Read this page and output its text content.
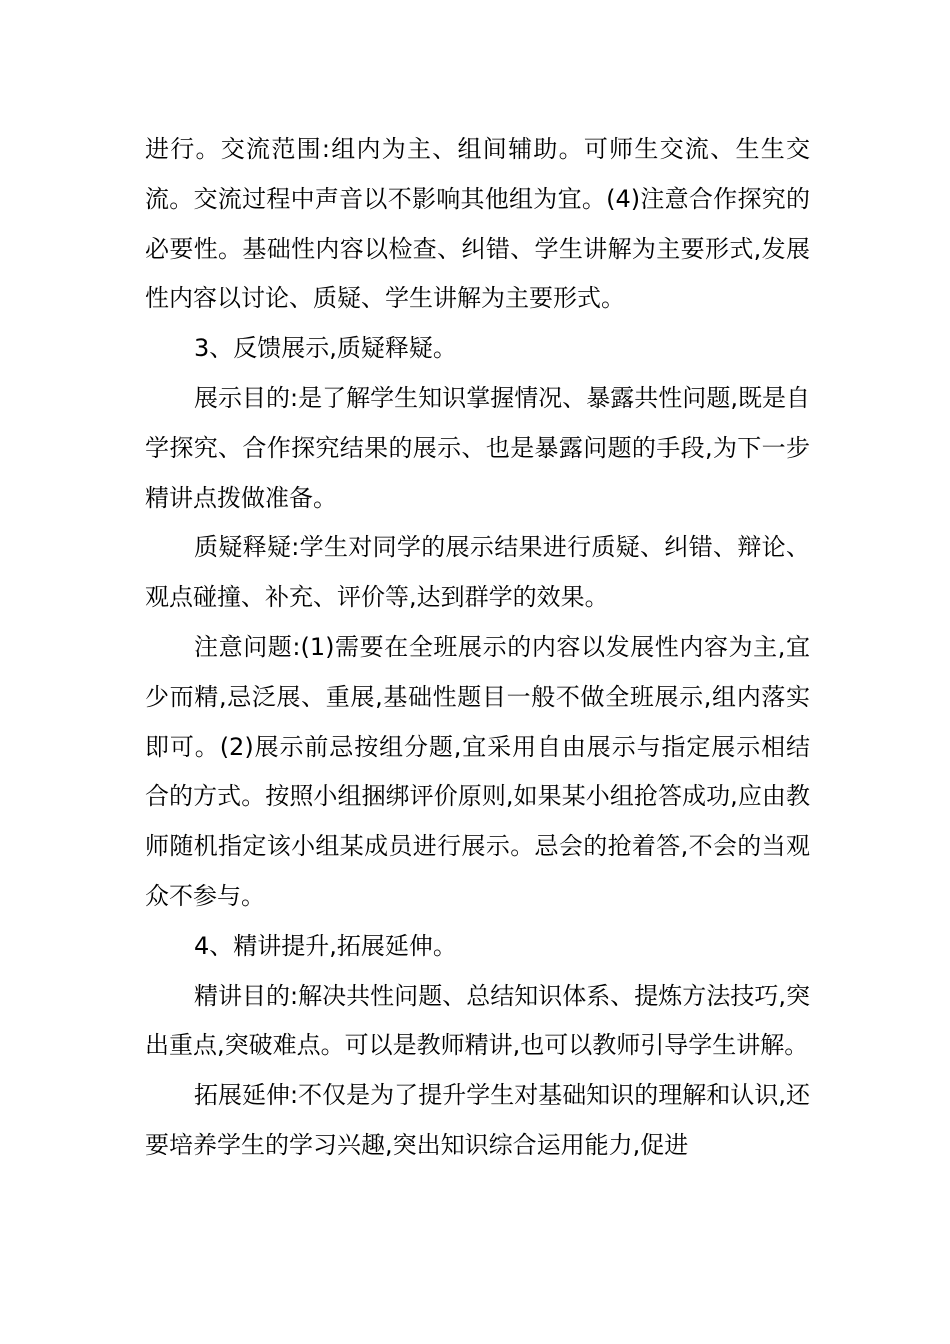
进行。交流范围:组内为主、组间辅助。可师生交流、生生交流。交流过程中声音以不影响其他组为宜。(4)注意合作探究的必要性。基础性内容以检查、纠错、学生讲解为主要形式,发展性内容以讨论、质疑、学生讲解为主要形式。

3、反馈展示,质疑释疑。

展示目的:是了解学生知识掌握情况、暴露共性问题,既是自学探究、合作探究结果的展示、也是暴露问题的手段,为下一步精讲点拨做准备。

质疑释疑:学生对同学的展示结果进行质疑、纠错、辩论、观点碰撞、补充、评价等,达到群学的效果。

注意问题:(1)需要在全班展示的内容以发展性内容为主,宜少而精,忌泛展、重展,基础性题目一般不做全班展示,组内落实即可。(2)展示前忌按组分题,宜采用自由展示与指定展示相结合的方式。按照小组捆绑评价原则,如果某小组抢答成功,应由教师随机指定该小组某成员进行展示。忌会的抢着答,不会的当观众不参与。

4、精讲提升,拓展延伸。

精讲目的:解决共性问题、总结知识体系、提炼方法技巧,突出重点,突破难点。可以是教师精讲,也可以教师引导学生讲解。

拓展延伸:不仅是为了提升学生对基础知识的理解和认识,还要培养学生的学习兴趣,突出知识综合运用能力,促进
